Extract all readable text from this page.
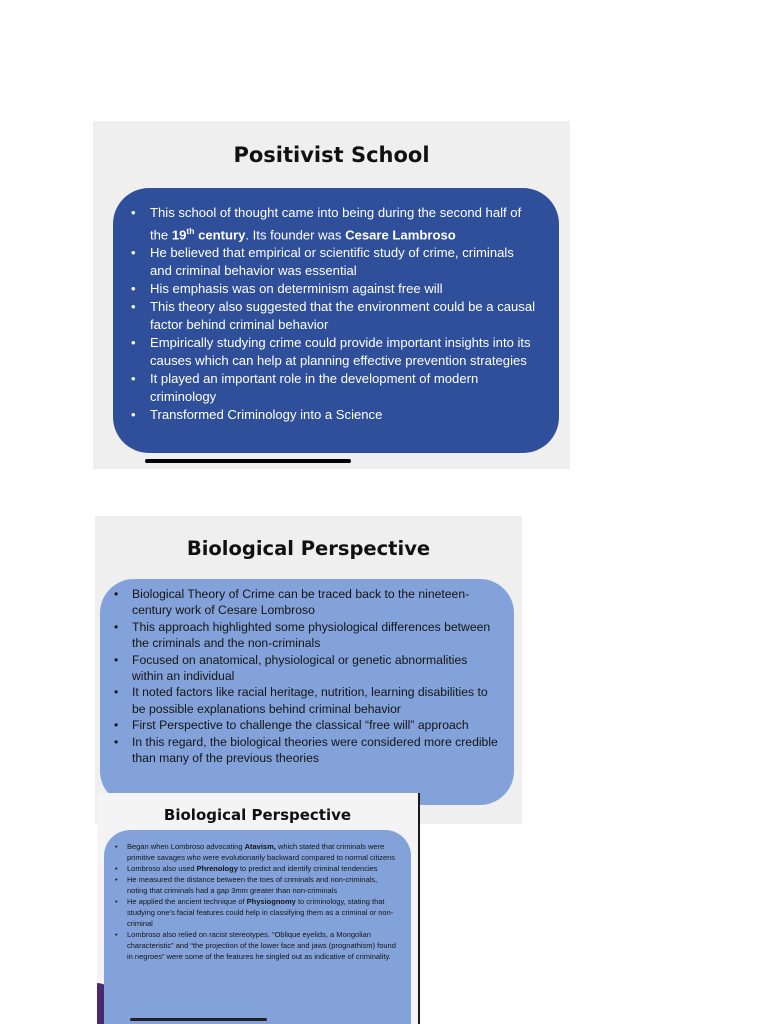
Positivist School
• This school of thought came into being during the second half of the 19th century. Its founder was Cesare Lambroso
• He believed that empirical or scientific study of crime, criminals and criminal behavior was essential
• His emphasis was on determinism against free will
• This theory also suggested that the environment could be a causal factor behind criminal behavior
• Empirically studying crime could provide important insights into its causes which can help at planning effective prevention strategies
• It played an important role in the development of modern criminology
• Transformed Criminology into a Science
Biological Perspective
• Biological Theory of Crime can be traced back to the nineteen-century work of Cesare Lombroso
• This approach highlighted some physiological differences between the criminals and the non-criminals
• Focused on anatomical, physiological or genetic abnormalities within an individual
• It noted factors like racial heritage, nutrition, learning disabilities to be possible explanations behind criminal behavior
• First Perspective to challenge the classical “free will” approach
• In this regard, the biological theories were considered more credible than many of the previous theories
Biological Perspective
• Began when Lombroso advocating Atavism, which stated that criminals were primitive savages who were evolutionarily backward compared to normal citizens
• Lombroso also used Phrenology to predict and identify criminal tendencies
• He measured the distance between the toes of criminals and non-criminals, noting that criminals had a gap 3mm greater than non-criminals
• He applied the ancient technique of Physiognomy to criminology, stating that studying one’s facial features could help in classifying them as a criminal or non-criminal
• Lombroso also relied on racist stereotypes. “Oblique eyelids, a Mongolian characteristic” and “the projection of the lower face and jaws (prognathism) found in negroes” were some of the features he singled out as indicative of criminality.
